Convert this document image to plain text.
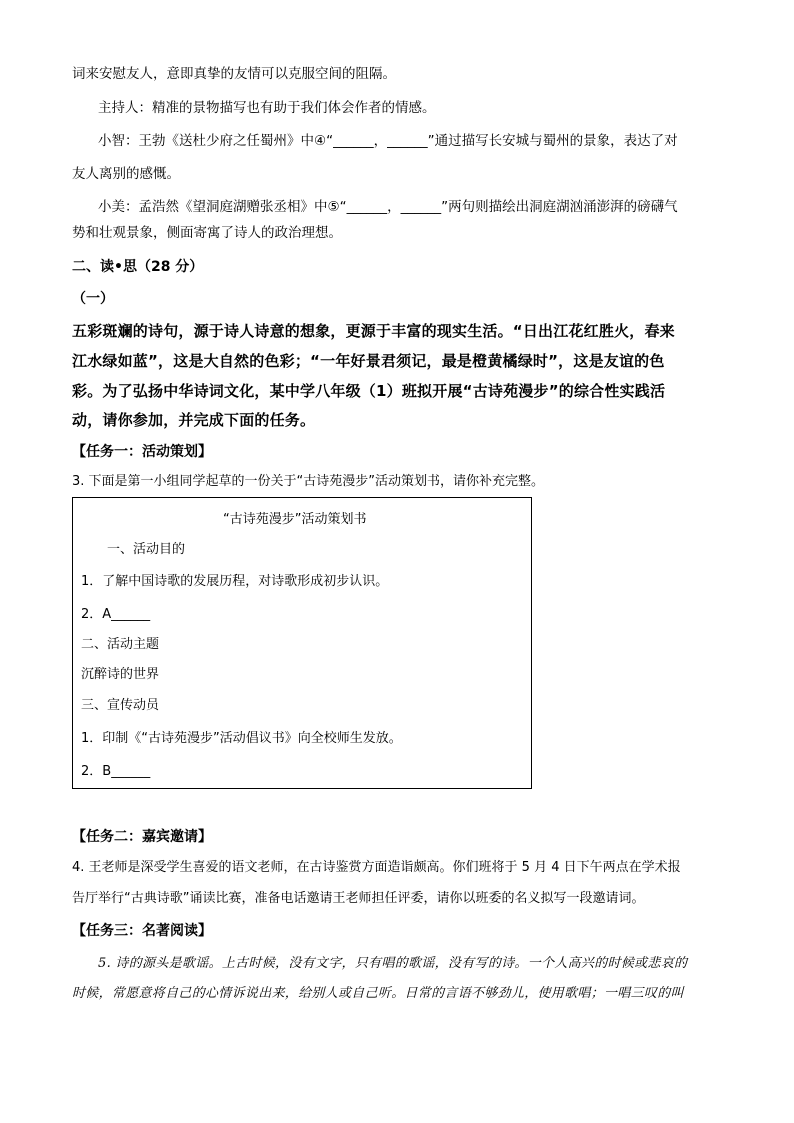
词来安慰友人，意即真挚的友情可以克服空间的阻隔。
主持人：精准的景物描写也有助于我们体会作者的情感。
小智：王勃《送杜少府之任蜀州》中④“______，______”通过描写长安城与蜀州的景象，表达了对
友人离别的感慨。
小美：孟浩然《望洞庭湖赠张丞相》中⑤“______，______”两句则描绘出洞庭湖汹涌澎湃的磅礴气
势和壮观景象，侧面寄寓了诗人的政治理想。
二、读•思（28 分）
（一）
五彩斑斓的诗句，源于诗人诗意的想象，更源于丰富的现实生活。“日出江花红胜火，春来
江水绿如蓝”，这是大自然的色彩；“一年好景君须记，最是橙黄橘绿时”，这是友谊的色
彩。为了弘扬中华诗词文化，某中学八年级（1）班拟开展“古诗苑漫步”的综合性实践活
动，请你参加，并完成下面的任务。
【任务一：活动策划】
3. 下面是第一小组同学起草的一份关于“古诗苑漫步”活动策划书，请你补充完整。
“古诗苑漫步”活动策划书
一、活动目的
1．了解中国诗歌的发展历程，对诗歌形成初步认识。
2．A______
二、活动主题
沉醉诗的世界
三、宣传动员
1．印制《“古诗苑漫步”活动倡议书》向全校师生发放。
2．B______
【任务二：嘉宾邀请】
4. 王老师是深受学生喜爱的语文老师，在古诗鉴赏方面造诣颇高。你们班将于 5 月 4 日下午两点在学术报
告厅举行“古典诗歌”诵读比赛，准备电话邀请王老师担任评委，请你以班委的名义拟写一段邀请词。
【任务三：名著阅读】
5. 诗的源头是歌谣。上古时候，没有文字，只有唱的歌谣，没有写的诗。一个人高兴的时候或悲哀的
时候，常愿意将自己的心情诉说出来，给别人或自己听。日常的言语不够劲儿，使用歌唱；一唱三叹的叫
